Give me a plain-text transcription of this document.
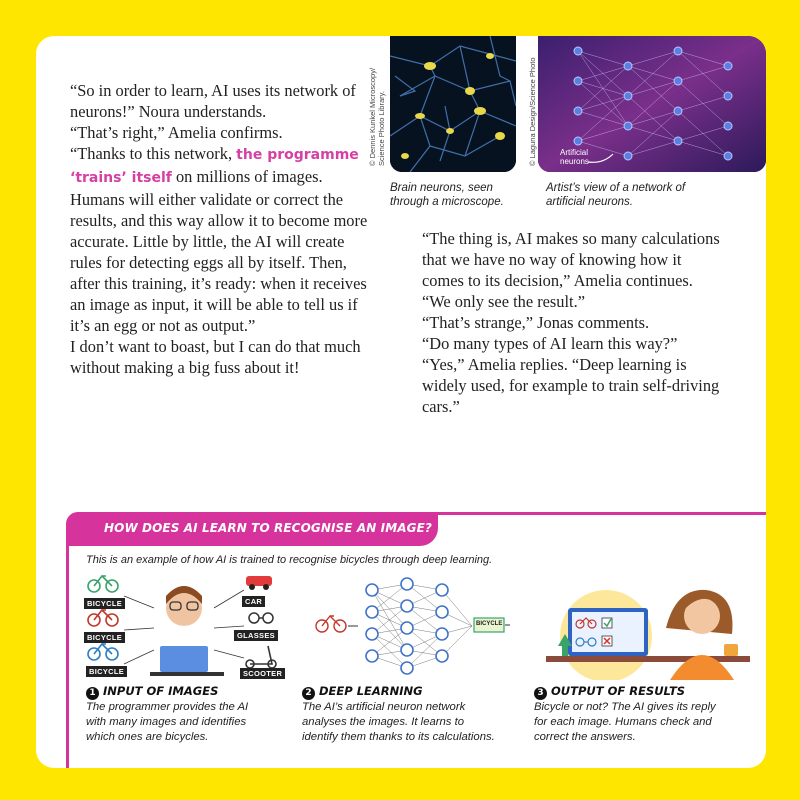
“So in order to learn, AI uses its network of neurons!” Noura understands.

“That’s right,” Amelia confirms.

“Thanks to this network, the programme ‘trains’ itself on millions of images. Humans will either validate or correct the results, and this way allow it to become more accurate. Little by little, the AI will create rules for detecting eggs all by itself. Then, after this training, it’s ready: when it receives an image as input, it will be able to tell us if it’s an egg or not as output.”

I don’t want to boast, but I can do that much without making a big fuss about it!

“The thing is, AI makes so many calculations that we have no way of knowing how it comes to its decision,” Amelia continues. “We only see the result.”

“That’s strange,” Jonas comments.

“Do many types of AI learn this way?”

“Yes,” Amelia replies. “Deep learning is widely used, for example to train self-driving cars.”

© Dennis Kunkel Microscopy/ Science Photo Library.	© Laguna Design/Science Photo	Artificial
neurons
Brain neurons, seen
through a microscope.
Artist’s view of a network of
artificial neurons.
HOW DOES AI LEARN TO RECOGNISE AN IMAGE?
This is an example of how AI is trained to recognise bicycles through deep learning.
BICYCLE
BICYCLE
BICYCLE
CAR
GLASSES
SCOOTER
BICYCLE
1 INPUT OF IMAGES
The programmer provides the AI
with many images and identifies
which ones are bicycles.
2 DEEP LEARNING
The AI’s artificial neuron network
analyses the images. It learns to
identify them thanks to its calculations.
3 OUTPUT OF RESULTS
Bicycle or not? The AI gives its reply
for each image. Humans check and
correct the answers.
